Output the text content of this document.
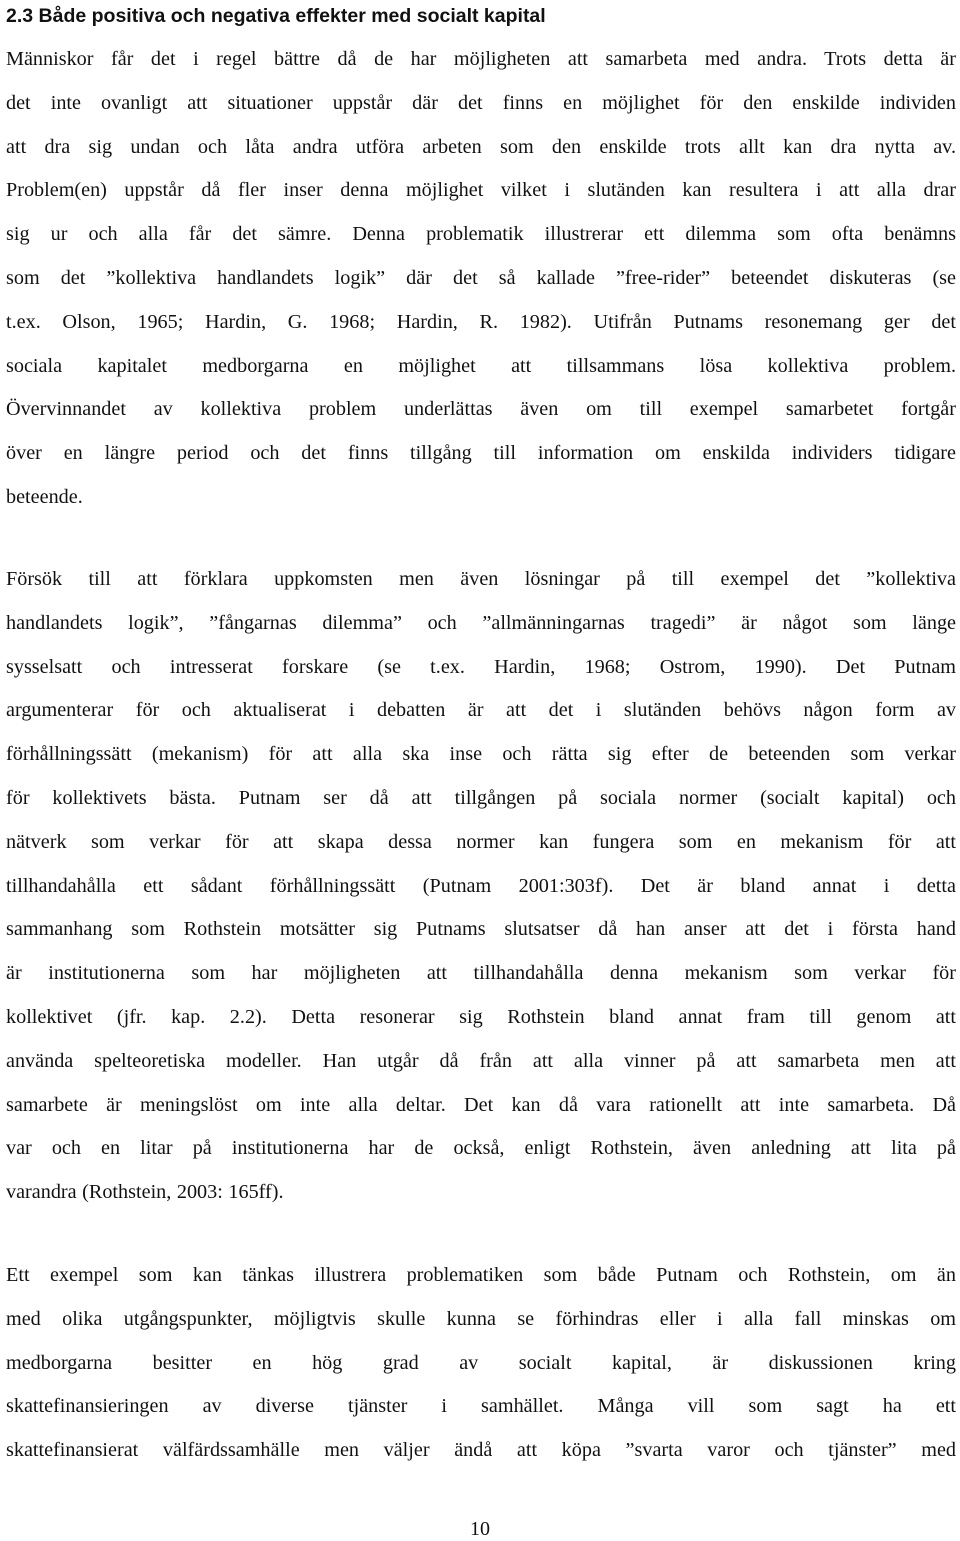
2.3 Både positiva och negativa effekter med socialt kapital

Människor får det i regel bättre då de har möjligheten att samarbeta med andra. Trots detta är
det inte ovanligt att situationer uppstår där det finns en möjlighet för den enskilde individen
att dra sig undan och låta andra utföra arbeten som den enskilde trots allt kan dra nytta av.
Problem(en) uppstår då fler inser denna möjlighet vilket i slutänden kan resultera i att alla drar
sig ur och alla får det sämre. Denna problematik illustrerar ett dilemma som ofta benämns
som det ”kollektiva handlandets logik” där det så kallade ”free-rider” beteendet diskuteras (se
t.ex. Olson, 1965; Hardin, G. 1968; Hardin, R. 1982). Utifrån Putnams resonemang ger det
sociala kapitalet medborgarna en möjlighet att tillsammans lösa kollektiva problem.
Övervinnandet av kollektiva problem underlättas även om till exempel samarbetet fortgår
över en längre period och det finns tillgång till information om enskilda individers tidigare
beteende.

Försök till att förklara uppkomsten men även lösningar på till exempel det ”kollektiva
handlandets logik”, ”fångarnas dilemma” och ”allmänningarnas tragedi” är något som länge
sysselsatt och intresserat forskare (se t.ex. Hardin, 1968; Ostrom, 1990). Det Putnam
argumenterar för och aktualiserat i debatten är att det i slutänden behövs någon form av
förhållningssätt (mekanism) för att alla ska inse och rätta sig efter de beteenden som verkar
för kollektivets bästa. Putnam ser då att tillgången på sociala normer (socialt kapital) och
nätverk som verkar för att skapa dessa normer kan fungera som en mekanism för att
tillhandahålla ett sådant förhållningssätt (Putnam 2001:303f). Det är bland annat i detta
sammanhang som Rothstein motsätter sig Putnams slutsatser då han anser att det i första hand
är institutionerna som har möjligheten att tillhandahålla denna mekanism som verkar för
kollektivet (jfr. kap. 2.2). Detta resonerar sig Rothstein bland annat fram till genom att
använda spelteoretiska modeller. Han utgår då från att alla vinner på att samarbeta men att
samarbete är meningslöst om inte alla deltar. Det kan då vara rationellt att inte samarbeta. Då
var och en litar på institutionerna har de också, enligt Rothstein, även anledning att lita på
varandra (Rothstein, 2003: 165ff).

Ett exempel som kan tänkas illustrera problematiken som både Putnam och Rothstein, om än
med olika utgångspunkter, möjligtvis skulle kunna se förhindras eller i alla fall minskas om
medborgarna besitter en hög grad av socialt kapital, är diskussionen kring
skattefinansieringen av diverse tjänster i samhället. Många vill som sagt ha ett
skattefinansierat välfärdssamhälle men väljer ändå att köpa ”svarta varor och tjänster” med

10
